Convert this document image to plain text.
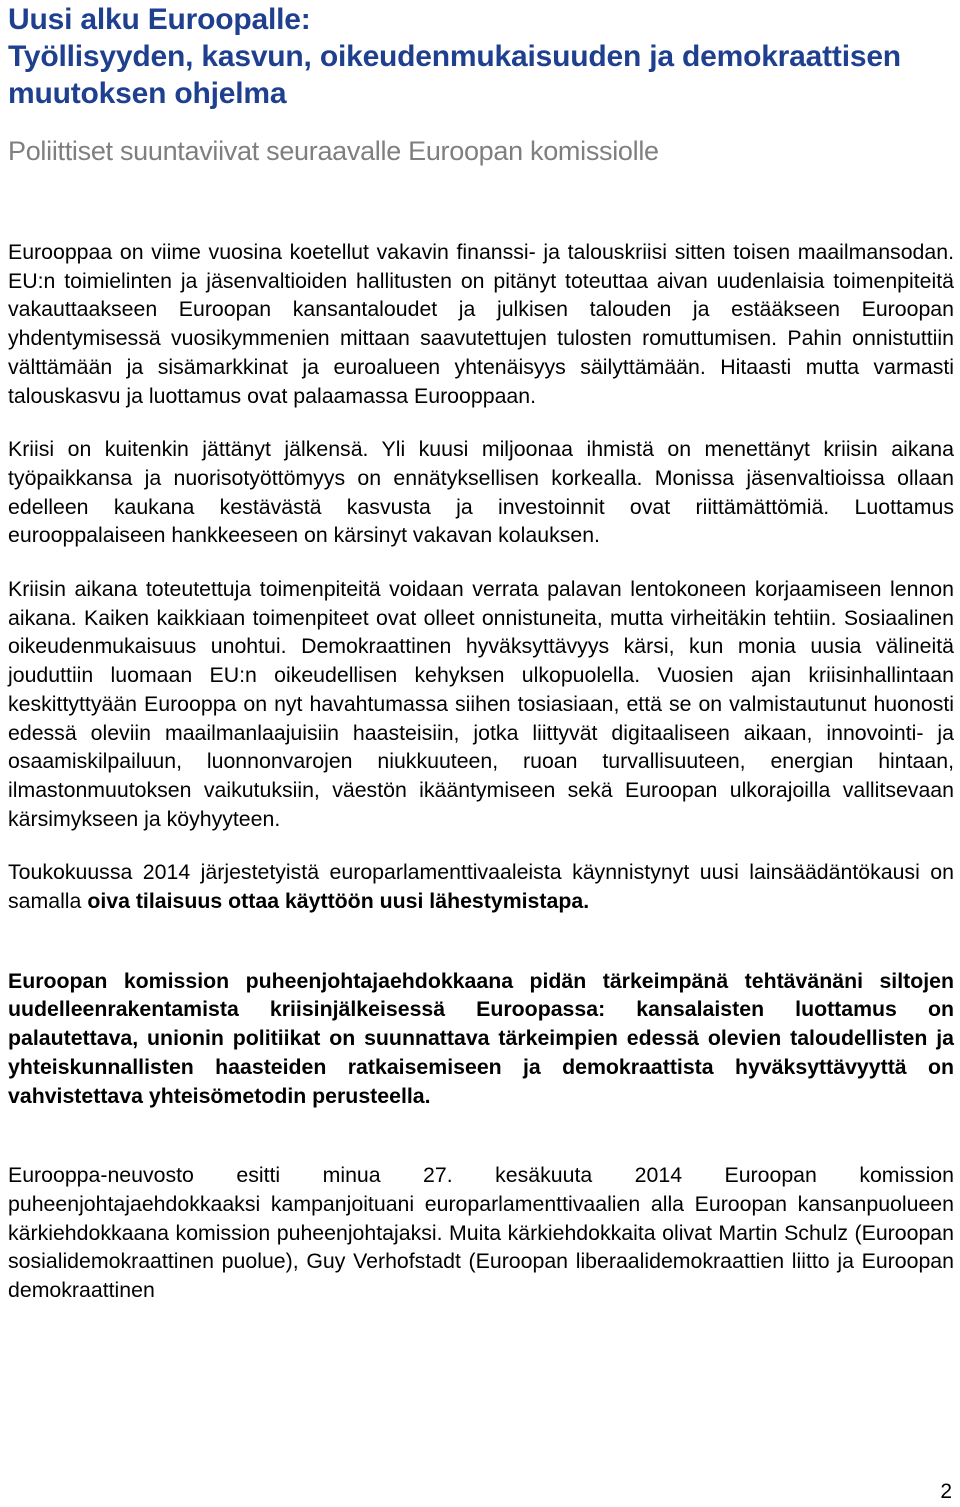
Uusi alku Euroopalle:
Työllisyyden, kasvun, oikeudenmukaisuuden ja demokraattisen muutoksen ohjelma
Poliittiset suuntaviivat seuraavalle Euroopan komissiolle

Eurooppaa on viime vuosina koetellut vakavin finanssi- ja talouskriisi sitten toisen maailmansodan. EU:n toimielinten ja jäsenvaltioiden hallitusten on pitänyt toteuttaa aivan uudenlaisia toimenpiteitä vakauttaakseen Euroopan kansantaloudet ja julkisen talouden ja estääkseen Euroopan yhdentymisessä vuosikymmenien mittaan saavutettujen tulosten romuttumisen. Pahin onnistuttiin välttämään ja sisämarkkinat ja euroalueen yhtenäisyys säilyttämään. Hitaasti mutta varmasti talouskasvu ja luottamus ovat palaamassa Eurooppaan.

Kriisi on kuitenkin jättänyt jälkensä. Yli kuusi miljoonaa ihmistä on menettänyt kriisin aikana työpaikkansa ja nuorisotyöttömyys on ennätyksellisen korkealla. Monissa jäsenvaltioissa ollaan edelleen kaukana kestävästä kasvusta ja investoinnit ovat riittämättömiä. Luottamus eurooppalaiseen hankkeeseen on kärsinyt vakavan kolauksen.

Kriisin aikana toteutettuja toimenpiteitä voidaan verrata palavan lentokoneen korjaamiseen lennon aikana. Kaiken kaikkiaan toimenpiteet ovat olleet onnistuneita, mutta virheitäkin tehtiin. Sosiaalinen oikeudenmukaisuus unohtui. Demokraattinen hyväksyttävyys kärsi, kun monia uusia välineitä jouduttiin luomaan EU:n oikeudellisen kehyksen ulkopuolella. Vuosien ajan kriisinhallintaan keskittyttyään Eurooppa on nyt havahtumassa siihen tosiasiaan, että se on valmistautunut huonosti edessä oleviin maailmanlaajuisiin haasteisiin, jotka liittyvät digitaaliseen aikaan, innovointi- ja osaamiskilpailuun, luonnonvarojen niukkuuteen, ruoan turvallisuuteen, energian hintaan, ilmastonmuutoksen vaikutuksiin, väestön ikääntymiseen sekä Euroopan ulkorajoilla vallitsevaan kärsimykseen ja köyhyyteen.

Toukokuussa 2014 järjestetyistä europarlamenttivaaleista käynnistynyt uusi lainsäädäntökausi on samalla oiva tilaisuus ottaa käyttöön uusi lähestymistapa.

Euroopan komission puheenjohtajaehdokkaana pidän tärkeimpänä tehtävänäni siltojen uudelleenrakentamista kriisinjälkeisessä Euroopassa: kansalaisten luottamus on palautettava, unionin politiikat on suunnattava tärkeimpien edessä olevien taloudellisten ja yhteiskunnallisten haasteiden ratkaisemiseen ja demokraattista hyväksyttävyyttä on vahvistettava yhteisömetodin perusteella.

Eurooppa-neuvosto esitti minua 27. kesäkuuta 2014 Euroopan komission puheenjohtajaehdokkaaksi kampanjoituani europarlamenttivaalien alla Euroopan kansanpuolueen kärkiehdokkaana komission puheenjohtajaksi. Muita kärkiehdokkaita olivat Martin Schulz (Euroopan sosialidemokraattinen puolue), Guy Verhofstadt (Euroopan liberaalidemokraattien liitto ja Euroopan demokraattinen

2
